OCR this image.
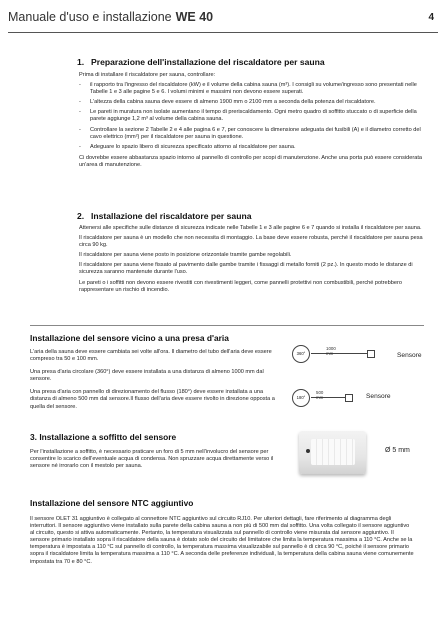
Manuale d'uso e installazione WE 40	4
1. Preparazione dell'installazione del riscaldatore per sauna

Prima di installare il riscaldatore per sauna, controllare:

- il rapporto tra l'ingresso del riscaldatore (kW) e il volume della cabina sauna (m³). I consigli su volume/ingresso sono presentati nelle Tabelle 1 e 3 alle pagine 5 e 6. I volumi minimi e massimi non devono essere superati.
- L'altezza della cabina sauna deve essere di almeno 1900 mm o 2100 mm a seconda della potenza del riscaldatore.
- Le pareti in muratura non isolate aumentano il tempo di preriscaldamento. Ogni metro quadro di soffitto stuccato o di superficie della parete aggiunge 1,2 m³ al volume della cabina sauna.
- Controllare la sezione 2 Tabelle 2 e 4 alle pagina 6 e 7, per conoscere la dimensione adeguata dei fusibili (A) e il diametro corretto del cavo elettrico (mm²) per il riscaldatore per sauna in questione.
- Adeguare lo spazio libero di sicurezza specificato attorno al riscaldatore per sauna.

Ci dovrebbe essere abbastanza spazio intorno al pannello di controllo per scopi di manutenzione. Anche una porta può essere considerata un'area di manutenzione.

2. Installazione del riscaldatore per sauna

Attenersi alle specifiche sulle distanze di sicurezza indicate nelle Tabelle 1 e 3 alle pagine 6 e 7 quando si installa il riscaldatore per sauna.

Il riscaldatore per sauna è un modello che non necessita di montaggio. La base deve essere robusta, perché il riscaldatore per sauna pesa circa 90 kg.

Il riscaldatore per sauna viene posto in posizione orizzontale tramite gambe regolabili.

Il riscaldatore per sauna viene fissato al pavimento dalle gambe tramite i fissaggi di metallo forniti (2 pz.). In questo modo le distanze di sicurezza saranno mantenute durante l'uso.

Le pareti o i soffitti non devono essere rivestiti con rivestimenti leggeri, come pannelli protettivi non combustibili, perché potrebbero rappresentare un rischio di incendio.

Installazione del sensore vicino a una presa d'aria

L'aria della sauna deve essere cambiata sei volte all'ora. Il diametro del tubo dell'aria deve essere compreso tra 50 e 100 mm.

Una presa d'aria circolare (360°) deve essere installata a una distanza di almeno 1000 mm dal sensore.

Una presa d'aria con pannello di direzionamento del flusso (180°) deve essere installata a una distanza di almeno 500 mm dal sensore.Il flusso dell'aria deve essere rivolto in direzione opposta a quella del sensore.

360°
1000 mm	Sensore
180°
500 mm	Sensore
3. Installazione a soffitto del sensore

Per l'installazione a soffitto, è necessario praticare un foro di 5 mm nell'involucro del sensore per consentire lo scarico dell'eventuale acqua di condensa. Non spruzzare acqua direttamente verso il sensore né irrorarlo con il mestolo per sauna.

Ø 5 mm
Installazione del sensore NTC aggiuntivo

Il sensore OLET 31 aggiuntivo è collegato al connettore NTC aggiuntivo sul circuito RJ10. Per ulteriori dettagli, fare riferimento al diagramma degli interruttori. Il sensore aggiuntivo viene installato sulla parete della cabina sauna a non più di 500 mm dal soffitto. Una volta collegato il sensore aggiuntivo al circuito, questo si attiva automaticamente. Pertanto, la temperatura visualizzata sul pannello di controllo viene misurata dal sensore aggiuntivo. Il sensore primario installato sopra il riscaldatore della sauna è dotato solo del circuito del limitatore che limita la temperatura massima a 110 °C. Anche se la temperatura è impostata a 110 °C sul pannello di controllo, la temperatura massima visualizzabile sul pannello è di circa 90 °C, poiché il sensore primario sopra il riscaldatore limita la temperatura massima a 110 °C. A seconda delle preferenze individuali, la temperatura della cabina sauna viene comunemente impostata tra 70 e 80 °C.
